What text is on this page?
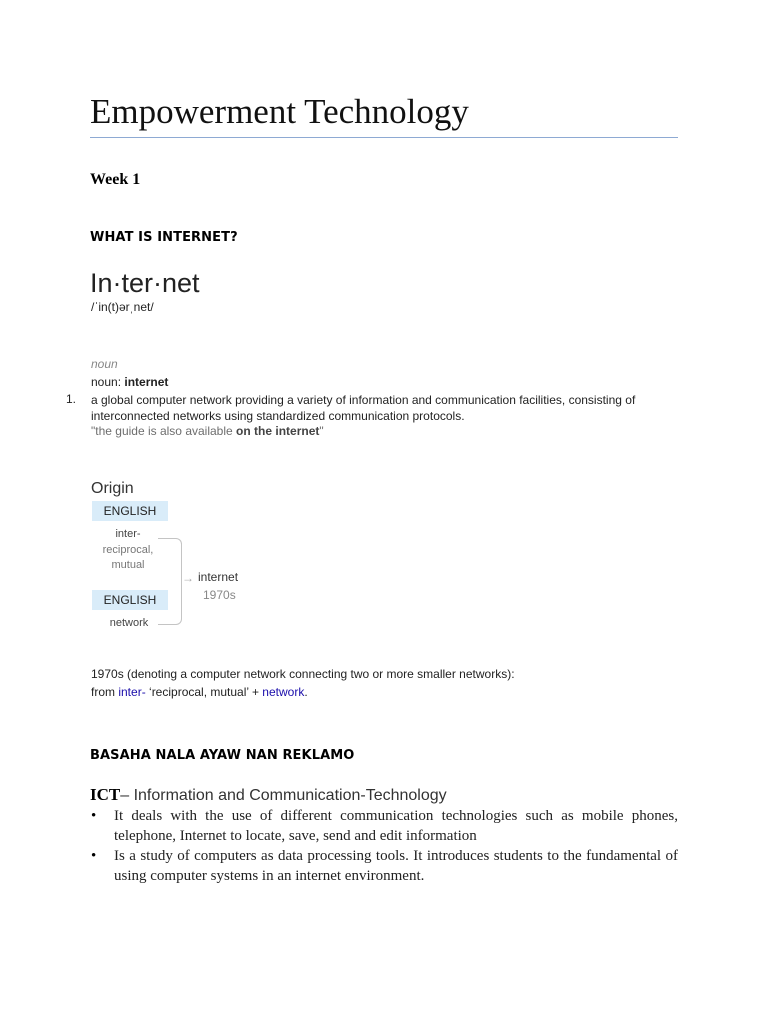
Empowerment Technology
Week 1
WHAT IS INTERNET?
In·ter·net
/ˈin(t)ərˌnet/
noun
noun: internet
1. a global computer network providing a variety of information and communication facilities, consisting of interconnected networks using standardized communication protocols.
"the guide is also available on the internet"
Origin
ENGLISH
inter-
reciprocal, mutual
ENGLISH
network
→ internet
1970s
1970s (denoting a computer network connecting two or more smaller networks):
from inter- ‘reciprocal, mutual’ + network.
BASAHA NALA AYAW NAN REKLAMO
ICT– Information and Communication-Technology
• It deals with the use of different communication technologies such as mobile phones, telephone, Internet to locate, save, send and edit information
• Is a study of computers as data processing tools. It introduces students to the fundamental of using computer systems in an internet environment.
